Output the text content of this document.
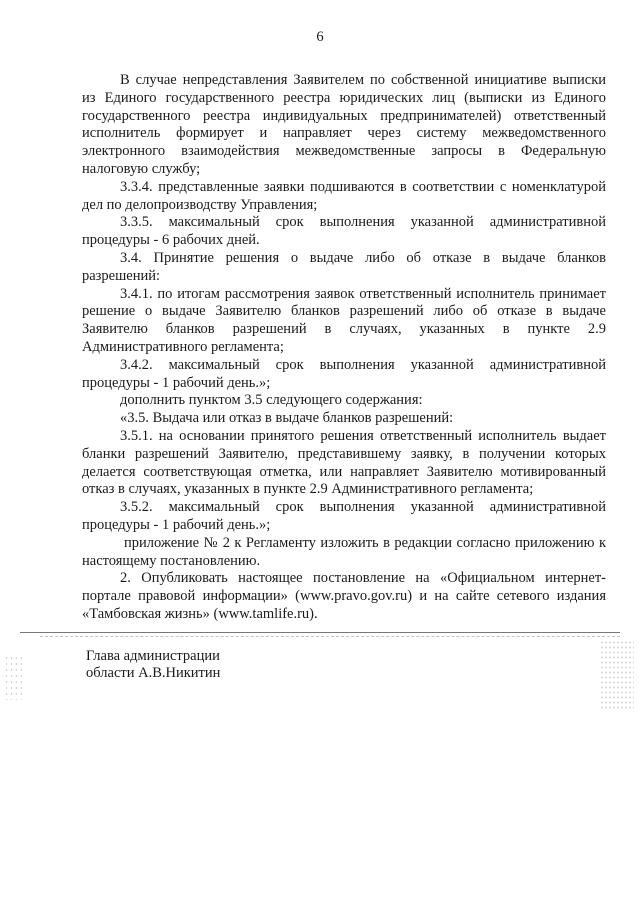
6

В случае непредставления Заявителем по собственной инициативе выписки из Единого государственного реестра юридических лиц (выписки из Единого государственного реестра индивидуальных предпринимателей) ответственный исполнитель формирует и направляет через систему межведомственного электронного взаимодействия межведомственные запросы в Федеральную налоговую службу;

3.3.4. представленные заявки подшиваются в соответствии с номенклатурой дел по делопроизводству Управления;

3.3.5. максимальный срок выполнения указанной административной процедуры - 6 рабочих дней.

3.4. Принятие решения о выдаче либо об отказе в выдаче бланков разрешений:

3.4.1. по итогам рассмотрения заявок ответственный исполнитель принимает решение о выдаче Заявителю бланков разрешений либо об отказе в выдаче Заявителю бланков разрешений в случаях, указанных в пункте 2.9 Административного регламента;

3.4.2. максимальный срок выполнения указанной административной процедуры - 1 рабочий день.»;

дополнить пунктом 3.5 следующего содержания:

«3.5. Выдача или отказ в выдаче бланков разрешений:

3.5.1. на основании принятого решения ответственный исполнитель выдает бланки разрешений Заявителю, представившему заявку, в получении которых делается соответствующая отметка, или направляет Заявителю мотивированный отказ в случаях, указанных в пункте 2.9 Административного регламента;

3.5.2. максимальный срок выполнения указанной административной процедуры - 1 рабочий день.»;

приложение № 2 к Регламенту изложить в редакции согласно приложению к настоящему постановлению.

2. Опубликовать настоящее постановление на «Официальном интернет-портале правовой информации» (www.pravo.gov.ru) и на сайте сетевого издания «Тамбовская жизнь» (www.tamlife.ru).

Глава администрации
области А.В.Никитин
